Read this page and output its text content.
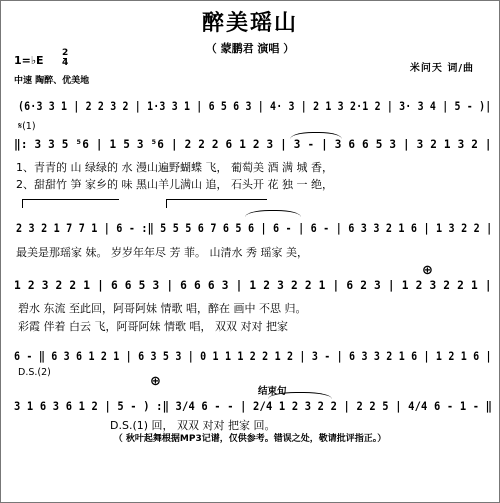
醉美瑶山
（ 蒙鹏君 演唱 ）
米问天 词/曲
1=♭E
2
4
中速 陶醉、优美地
(6·3 3 1 | 2 2 3 2 | 1·3 3 1 | 6 5 6 3 | 4· 3 | 2 1 3 2·1 2 | 3· 3 4 | 5 - )|
𝄋(1)
‖: 3 3 5 ⁵6 | 1 5 3 ⁵6 | 2 2 2 6 1 2 3 | 3 - | 3 6 6 5 3 | 3 2 1 3 2 |
1、青青的 山 绿绿的 水 漫山遍野蝴蝶 飞， 葡萄美 酒 满 城 香，
2、甜甜竹 笋 家乡的 味 黑山羊儿满山 追， 石头开 花 独 一 绝，
2 3 2 1 7 7 1 | 6 - :‖ 5 5 5 6 7 6 5 6 | 6 - | 6 - | 6 3 3 2 1 6 | 1 3 2 2 |
最美是那瑶家 妹。 岁岁年年尽 芳 菲。 山清水 秀 瑶家 美，
⊕
1 2 3 2 2 1 | 6 6 5 3 | 6 6 6 3 | 1 2 3 2 2 1 | 6 2 3 | 1 2 3 2 2 1 |
碧水 东流 至此回，阿哥阿妹 情歌 唱，醉在 画中 不思 归。
彩霞 伴着 白云 飞，阿哥阿妹 情歌 唱， 双双 对对 把家
6 - ‖ 6 3 6 1 2 1 | 6 3 5 3 | 0 1 1 1 2 2 1 2 | 3 - | 6 3 3 2 1 6 | 1 2 1 6 |
D.S.(2)
⊕
结束句
3 1 6 3 6 1 2 | 5 - ) :‖ 3/4 6 - - | 2/4 1 2 3 2 2 | 2 2 5 | 4/4 6 - 1 - ‖
D.S.(1) 回， 双双 对对 把家 回。
（ 秋叶起舞根据MP3记谱，仅供参考。错误之处，敬请批评指正。）
